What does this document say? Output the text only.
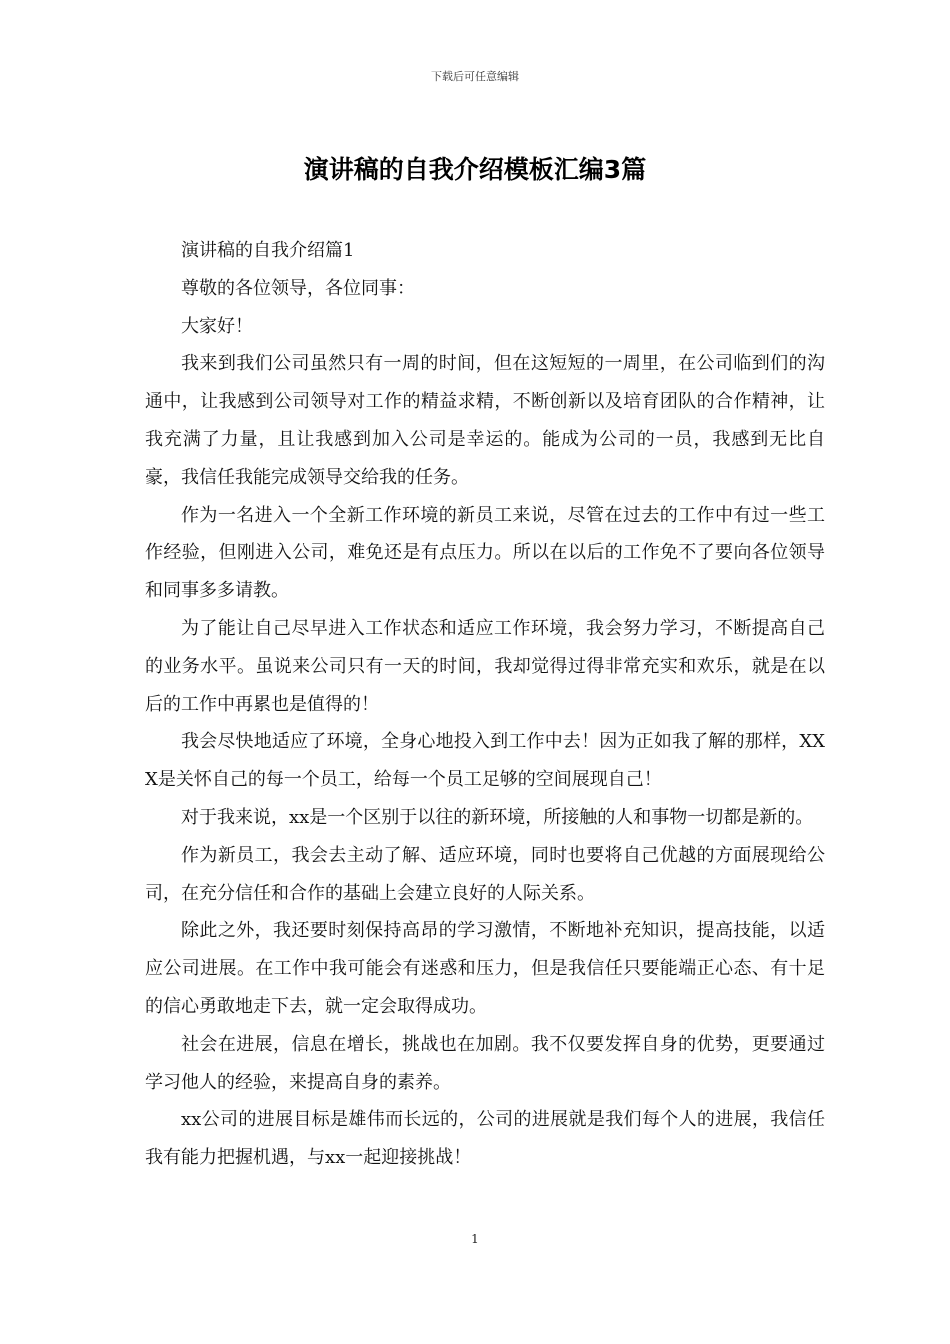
下载后可任意编辑
演讲稿的自我介绍模板汇编3篇

演讲稿的自我介绍篇1

尊敬的各位领导，各位同事：

大家好！

我来到我们公司虽然只有一周的时间，但在这短短的一周里，在公司临到们的沟通中，让我感到公司领导对工作的精益求精，不断创新以及培育团队的合作精神，让我充满了力量，且让我感到加入公司是幸运的。能成为公司的一员，我感到无比自豪，我信任我能完成领导交给我的任务。

作为一名进入一个全新工作环境的新员工来说，尽管在过去的工作中有过一些工作经验，但刚进入公司，难免还是有点压力。所以在以后的工作免不了要向各位领导和同事多多请教。

为了能让自己尽早进入工作状态和适应工作环境，我会努力学习，不断提高自己的业务水平。虽说来公司只有一天的时间，我却觉得过得非常充实和欢乐，就是在以后的工作中再累也是值得的！

我会尽快地适应了环境，全身心地投入到工作中去！因为正如我了解的那样，XXX是关怀自己的每一个员工，给每一个员工足够的空间展现自己！

对于我来说，xx是一个区别于以往的新环境，所接触的人和事物一切都是新的。

作为新员工，我会去主动了解、适应环境，同时也要将自己优越的方面展现给公司，在充分信任和合作的基础上会建立良好的人际关系。

除此之外，我还要时刻保持高昂的学习激情，不断地补充知识，提高技能，以适应公司进展。在工作中我可能会有迷惑和压力，但是我信任只要能端正心态、有十足的信心勇敢地走下去，就一定会取得成功。

社会在进展，信息在增长，挑战也在加剧。我不仅要发挥自身的优势，更要通过学习他人的经验，来提高自身的素养。

xx公司的进展目标是雄伟而长远的，公司的进展就是我们每个人的进展，我信任我有能力把握机遇，与xx一起迎接挑战！

1
